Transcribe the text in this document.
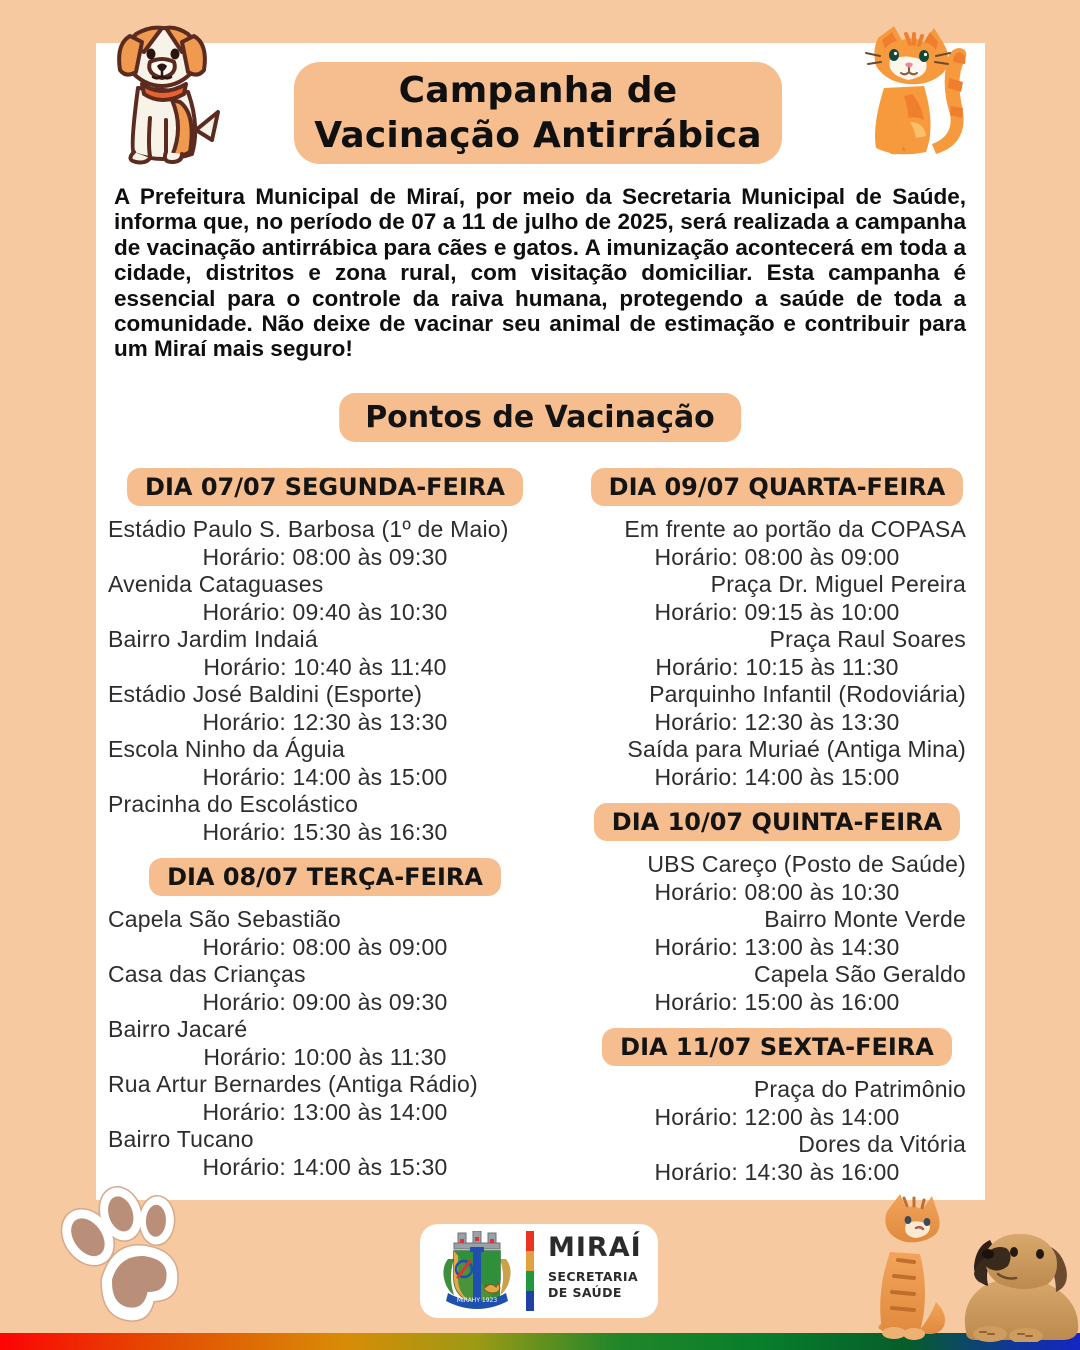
Campanha de
Vacinação Antirrábica
A Prefeitura Municipal de Miraí, por meio da Secretaria Municipal de Saúde, informa que, no período de 07 a 11 de julho de 2025, será realizada a campanha de vacinação antirrábica para cães e gatos. A imunização acontecerá em toda a cidade, distritos e zona rural, com visitação domiciliar. Esta campanha é essencial para o controle da raiva humana, protegendo a saúde de toda a comunidade. Não deixe de vacinar seu animal de estimação e contribuir para um Miraí mais seguro!
Pontos de Vacinação
DIA 07/07 SEGUNDA-FEIRA
Estádio Paulo S. Barbosa (1º de Maio)
Horário: 08:00 às 09:30
Avenida Cataguases
Horário: 09:40 às 10:30
Bairro Jardim Indaiá
Horário: 10:40 às 11:40
Estádio José Baldini (Esporte)
Horário: 12:30 às 13:30
Escola Ninho da Águia
Horário: 14:00 às 15:00
Pracinha do Escolástico
Horário: 15:30 às 16:30
DIA 08/07 TERÇA-FEIRA
Capela São Sebastião
Horário: 08:00 às 09:00
Casa das Crianças
Horário: 09:00 às 09:30
Bairro Jacaré
Horário: 10:00 às 11:30
Rua Artur Bernardes (Antiga Rádio)
Horário: 13:00 às 14:00
Bairro Tucano
Horário: 14:00 às 15:30
DIA 09/07 QUARTA-FEIRA
Em frente ao portão da COPASA
Horário: 08:00 às 09:00
Praça Dr. Miguel Pereira
Horário: 09:15 às 10:00
Praça Raul Soares
Horário: 10:15 às 11:30
Parquinho Infantil (Rodoviária)
Horário: 12:30 às 13:30
Saída para Muriaé (Antiga Mina)
Horário: 14:00 às 15:00
DIA 10/07 QUINTA-FEIRA
UBS Careço (Posto de Saúde)
Horário: 08:00 às 10:30
Bairro Monte Verde
Horário: 13:00 às 14:30
Capela São Geraldo
Horário: 15:00 às 16:00
DIA 11/07 SEXTA-FEIRA
Praça do Patrimônio
Horário: 12:00 às 14:00
Dores da Vitória
Horário: 14:30 às 16:00
MIRAHY 1923
MIRAÍ
SECRETARIA
DE SAÚDE
